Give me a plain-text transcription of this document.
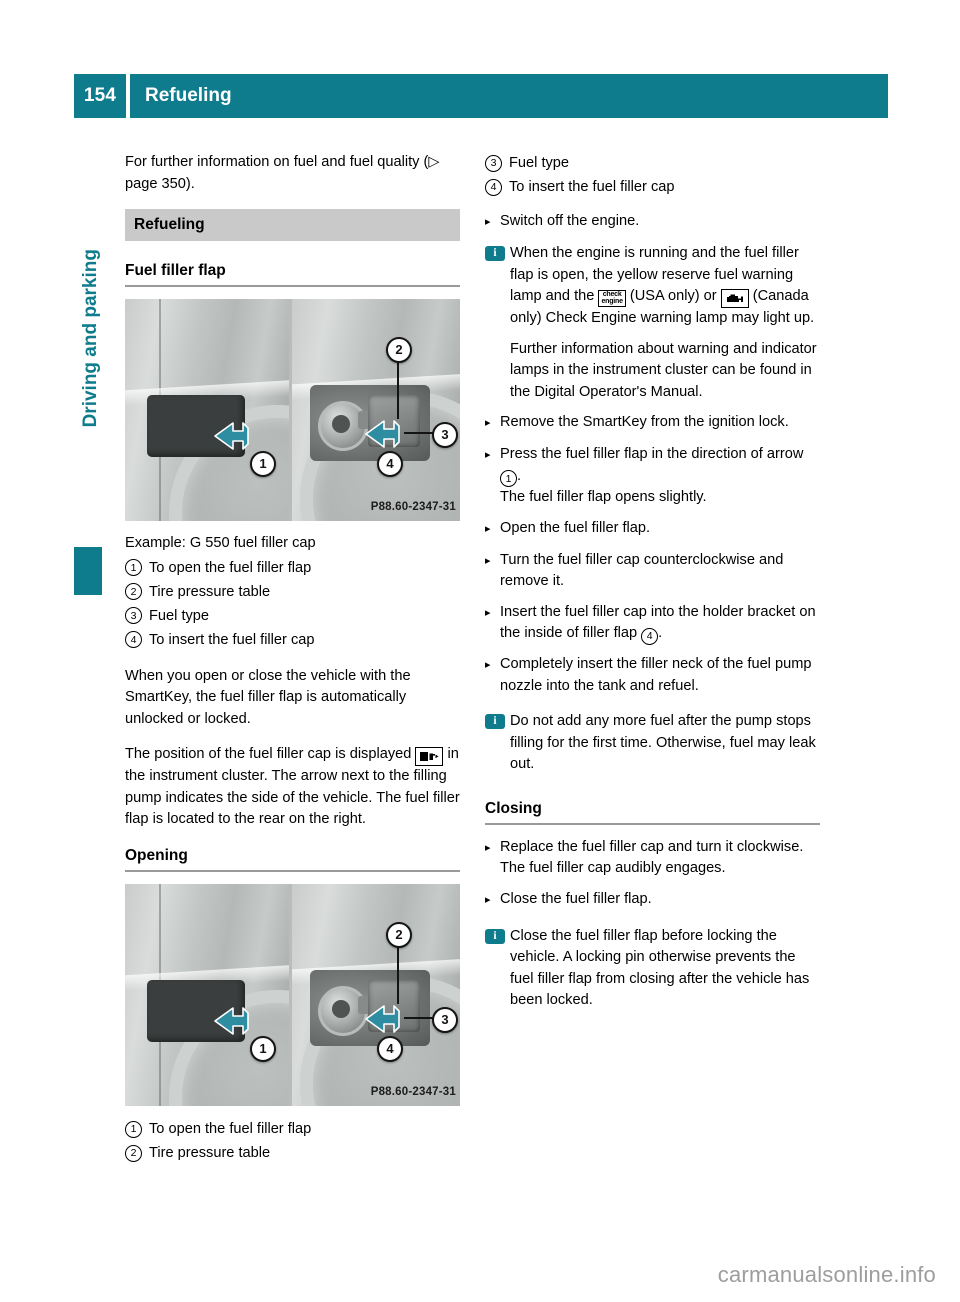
154	Refueling
Driving and parking

For further information on fuel and fuel quality (▷ page 350).

Refueling
Fuel filler flap
1
2
3
4
P88.60-2347-31

Example: G 550 fuel filler cap

1 To open the fuel filler flap
2 Tire pressure table
3 Fuel type
4 To insert the fuel filler cap

When you open or close the vehicle with the SmartKey, the fuel filler flap is automatically unlocked or locked.

The position of the fuel filler cap is displayed in the instrument cluster. The arrow next to the filling pump indicates the side of the vehicle. The fuel filler flap is located to the rear on the right.

Opening
1
2
3
4
P88.60-2347-31
1 To open the fuel filler flap
2 Tire pressure table
3 Fuel type
4 To insert the fuel filler cap
▸ Switch off the engine.
i When the engine is running and the fuel filler flap is open, the yellow reserve fuel warning lamp and the check
engine (USA only) or (Canada only) Check Engine warning lamp may light up.

Further information about warning and indicator lamps in the instrument cluster can be found in the Digital Operator's Manual.

▸ Remove the SmartKey from the ignition lock.
▸ Press the fuel filler flap in the direction of arrow 1 .
The fuel filler flap opens slightly.
▸ Open the fuel filler flap.
▸ Turn the fuel filler cap counterclockwise and remove it.
▸ Insert the fuel filler cap into the holder bracket on the inside of filler flap 4 .
▸ Completely insert the filler neck of the fuel pump nozzle into the tank and refuel.
i Do not add any more fuel after the pump stops filling for the first time. Otherwise, fuel may leak out.

Closing
▸ Replace the fuel filler cap and turn it clockwise. The fuel filler cap audibly engages.
▸ Close the fuel filler flap.
i Close the fuel filler flap before locking the vehicle. A locking pin otherwise prevents the fuel filler flap from closing after the vehicle has been locked.

carmanualsonline.info
